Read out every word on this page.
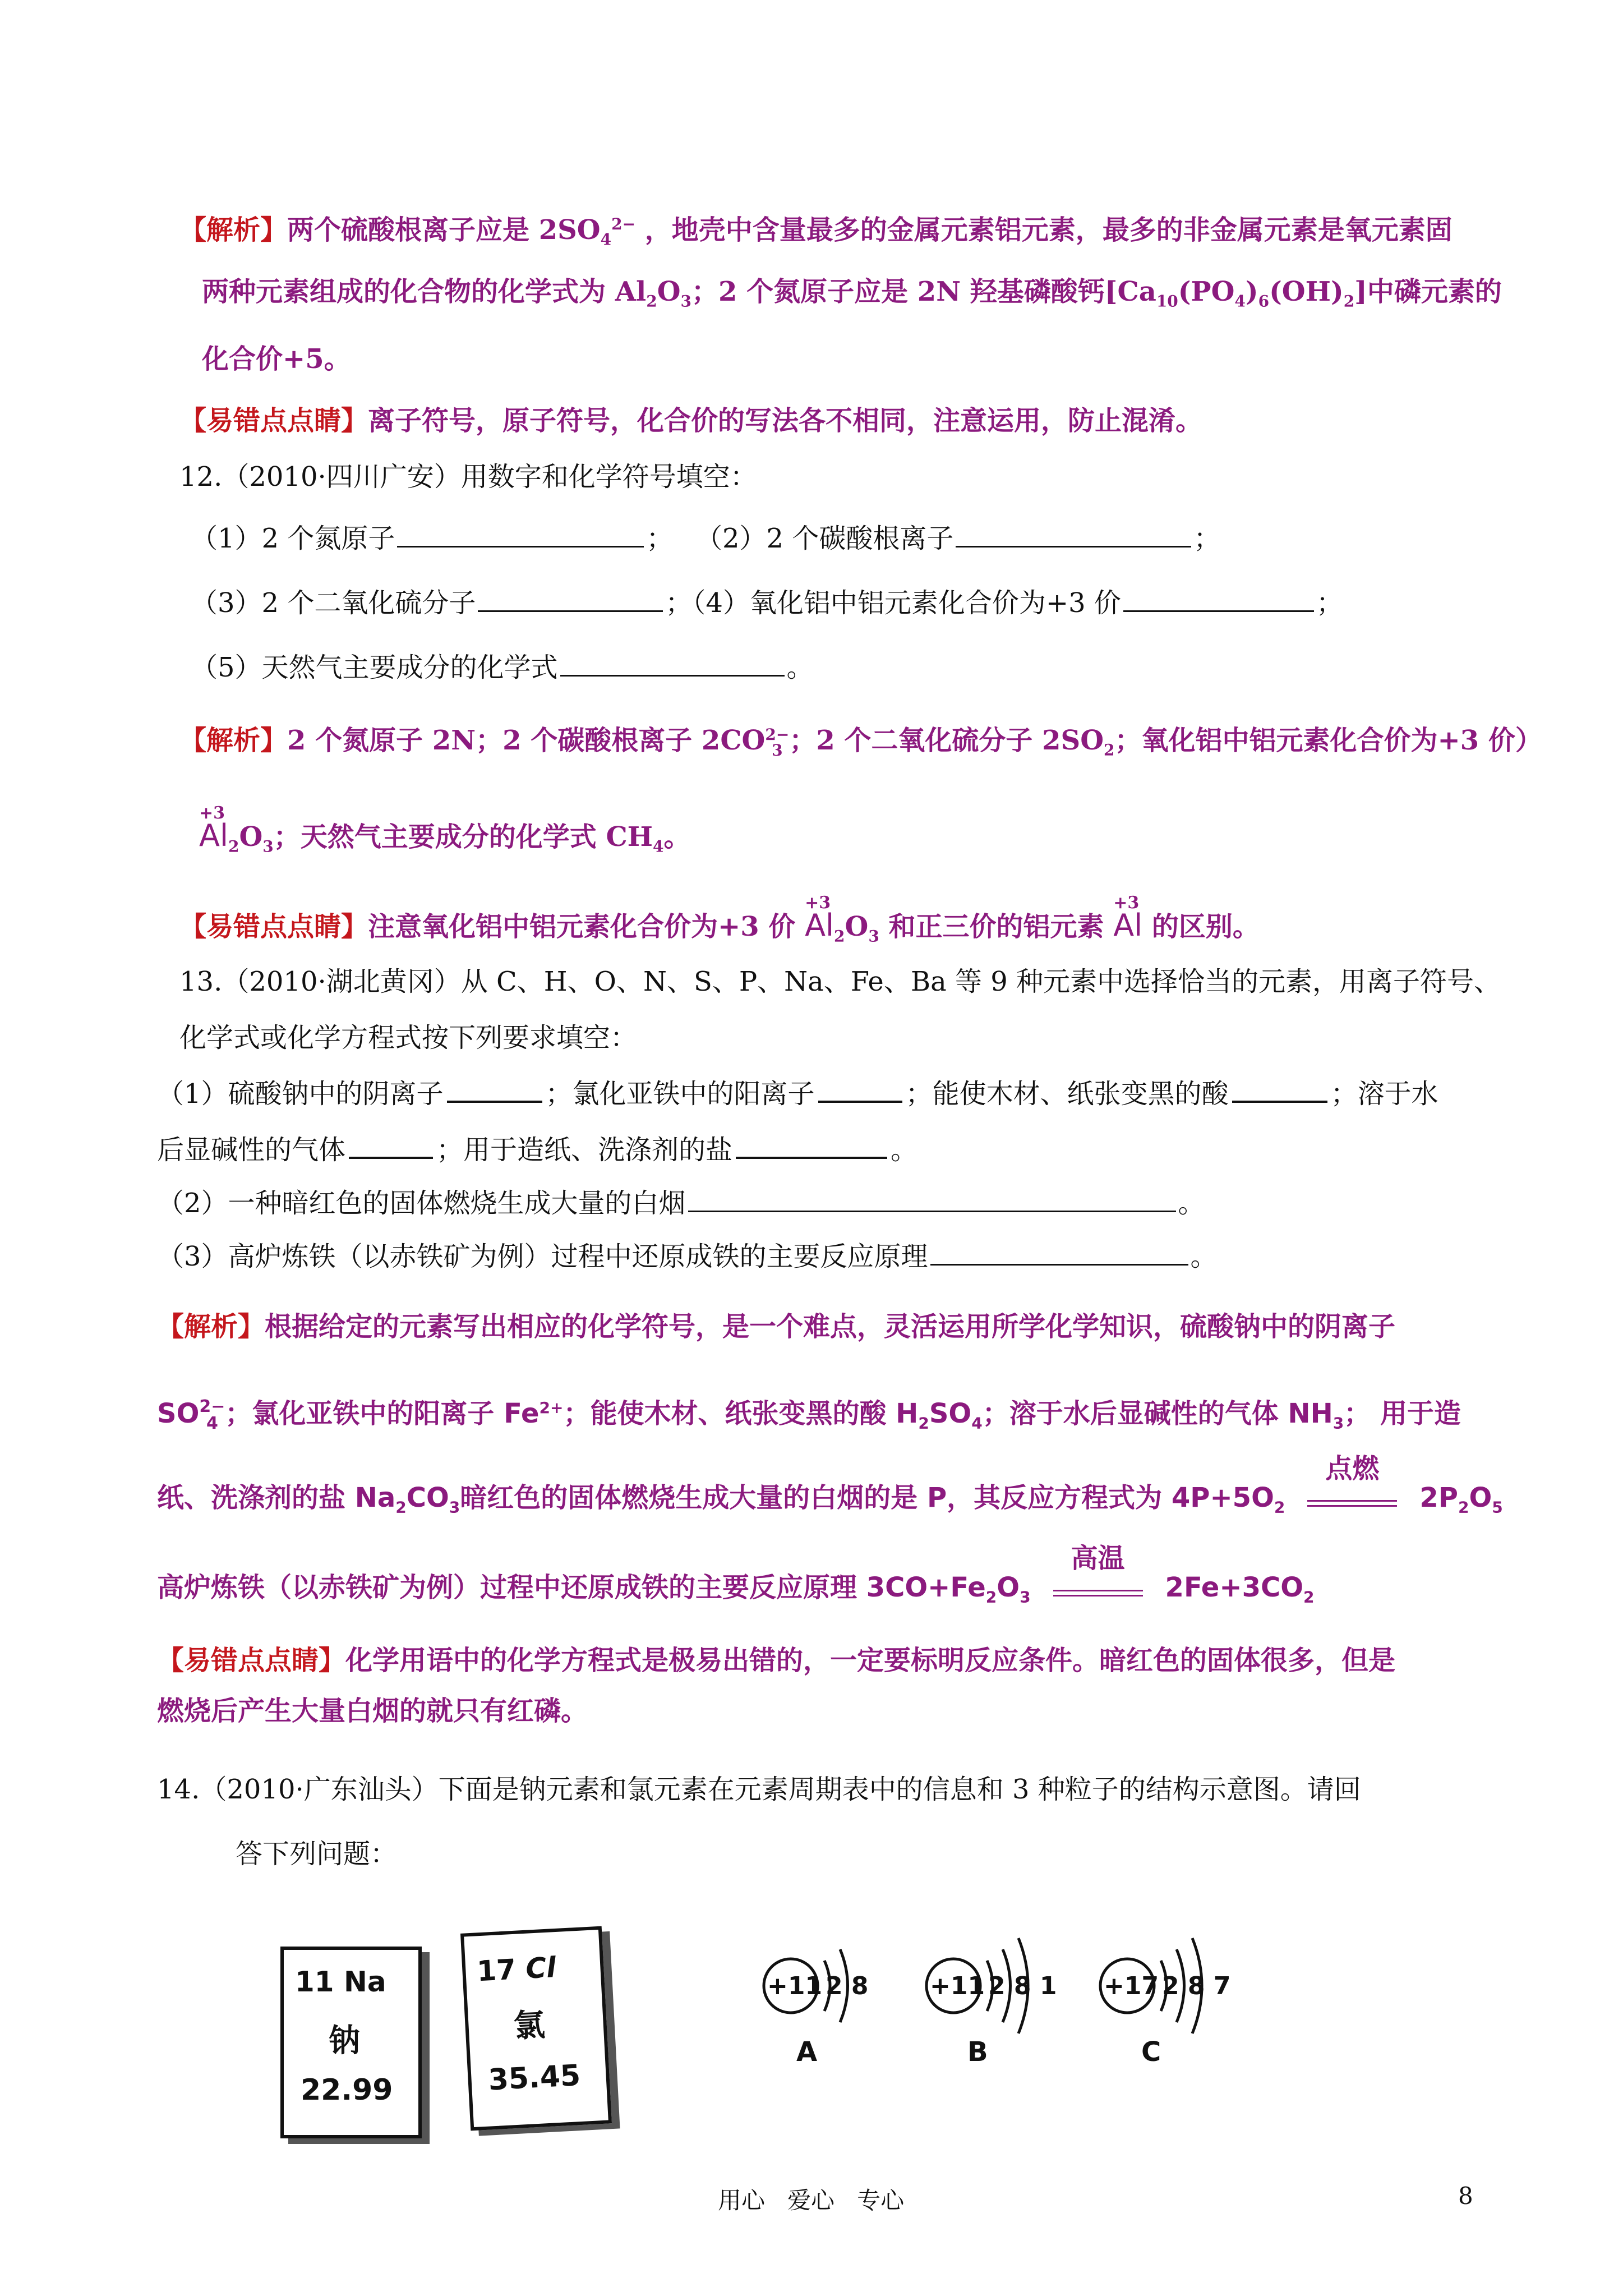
【解析】两个硫酸根离子应是 $2SO_4^{2-}$ ，地壳中含量最多的金属元素铝元素，最多的非金属元素是氧元素固
两种元素组成的化合物的化学式为 $Al_2O_3$；2 个氮原子应是 2N 羟基磷酸钙$[Ca_{10}(PO_4)_6(OH)_2]$中磷元素的
化合价+5。
【易错点点睛】离子符号，原子符号，化合价的写法各不相同，注意运用，防止混淆。
12.（2010·四川广安）用数字和化学符号填空：
（1）2 个氮原子	； （2）2 个碳酸根离子	；
（3）2 个二氧化硫分子	；（4）氧化铝中铝元素化合价为+3 价	；
（5）天然气主要成分的化学式	。
【解析】2 个氮原子 2N；2 个碳酸根离子 2CO 2−
3 ；2 个二氧化硫分子 $2SO_2$；氧化铝中铝元素化合价为+3 价）
+3
$Al_2O_3$；天然气主要成分的化学式 $CH_4$。
【易错点点睛】注意氧化铝中铝元素化合价为+3 价
+3
$Al_2O_3$ 和正三价的铝元素
+3
Al 的区别。
13.（2010·湖北黄冈）从 C、H、O、N、S、P、Na、Fe、Ba 等 9 种元素中选择恰当的元素，用离子符号、
化学式或化学方程式按下列要求填空：
（1）硫酸钠中的阴离子	；氯化亚铁中的阳离子	；能使木材、纸张变黑的酸	；溶于水
后显碱性的气体	；用于造纸、洗涤剂的盐	。
（2）一种暗红色的固体燃烧生成大量的白烟	。
（3）高炉炼铁（以赤铁矿为例）过程中还原成铁的主要反应原理	。
【解析】根据给定的元素写出相应的化学符号，是一个难点，灵活运用所学化学知识，硫酸钠中的阴离子
SO 2−
4 ；氯化亚铁中的阳离子 $Fe^{2+}$；能使木材、纸张变黑的酸 $H_2SO_4$；溶于水后显碱性的气体 $NH_3$； 用于造
纸、洗涤剂的盐 $Na_2CO_3$暗红色的固体燃烧生成大量的白烟的是 P，其反应方程式为 $4P+5O_2$
点燃
$2P_2O_5$
高炉炼铁（以赤铁矿为例）过程中还原成铁的主要反应原理 $3CO+Fe_2O_3$
高温
$2Fe+3CO_2$
【易错点点睛】化学用语中的化学方程式是极易出错的，一定要标明反应条件。暗红色的固体很多，但是
燃烧后产生大量白烟的就只有红磷。
14.（2010·广东汕头）下面是钠元素和氯元素在元素周期表中的信息和 3 种粒子的结构示意图。请回
答下列问题：
11 Na
钠
22.99
17 Cl
氯
35.45
+11 2 8
A
+11 2 8 1
B
+17 2 8 7
C
用心   爱心   专心	8
